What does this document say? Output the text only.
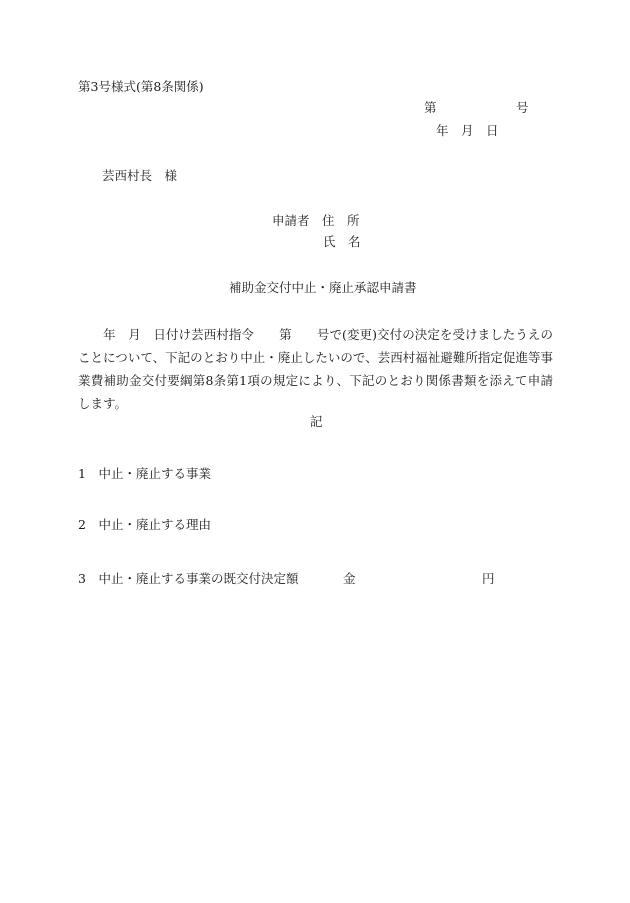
第3号様式(第8条関係)
第	号
年　月　日
芸西村長　様
申請者　住　所
氏　名
補助金交付中止・廃止承認申請書

　　年　月　日付け芸西村指令　　第　　号で(変更)交付の決定を受けましたうえのことについて、下記のとおり中止・廃止したいので、芸西村福祉避難所指定促進等事業費補助金交付要綱第8条第1項の規定により、下記のとおり関係書類を添えて申請します。

記
1　中止・廃止する事業
2　中止・廃止する理由
3　中止・廃止する事業の既交付決定額	金	円
